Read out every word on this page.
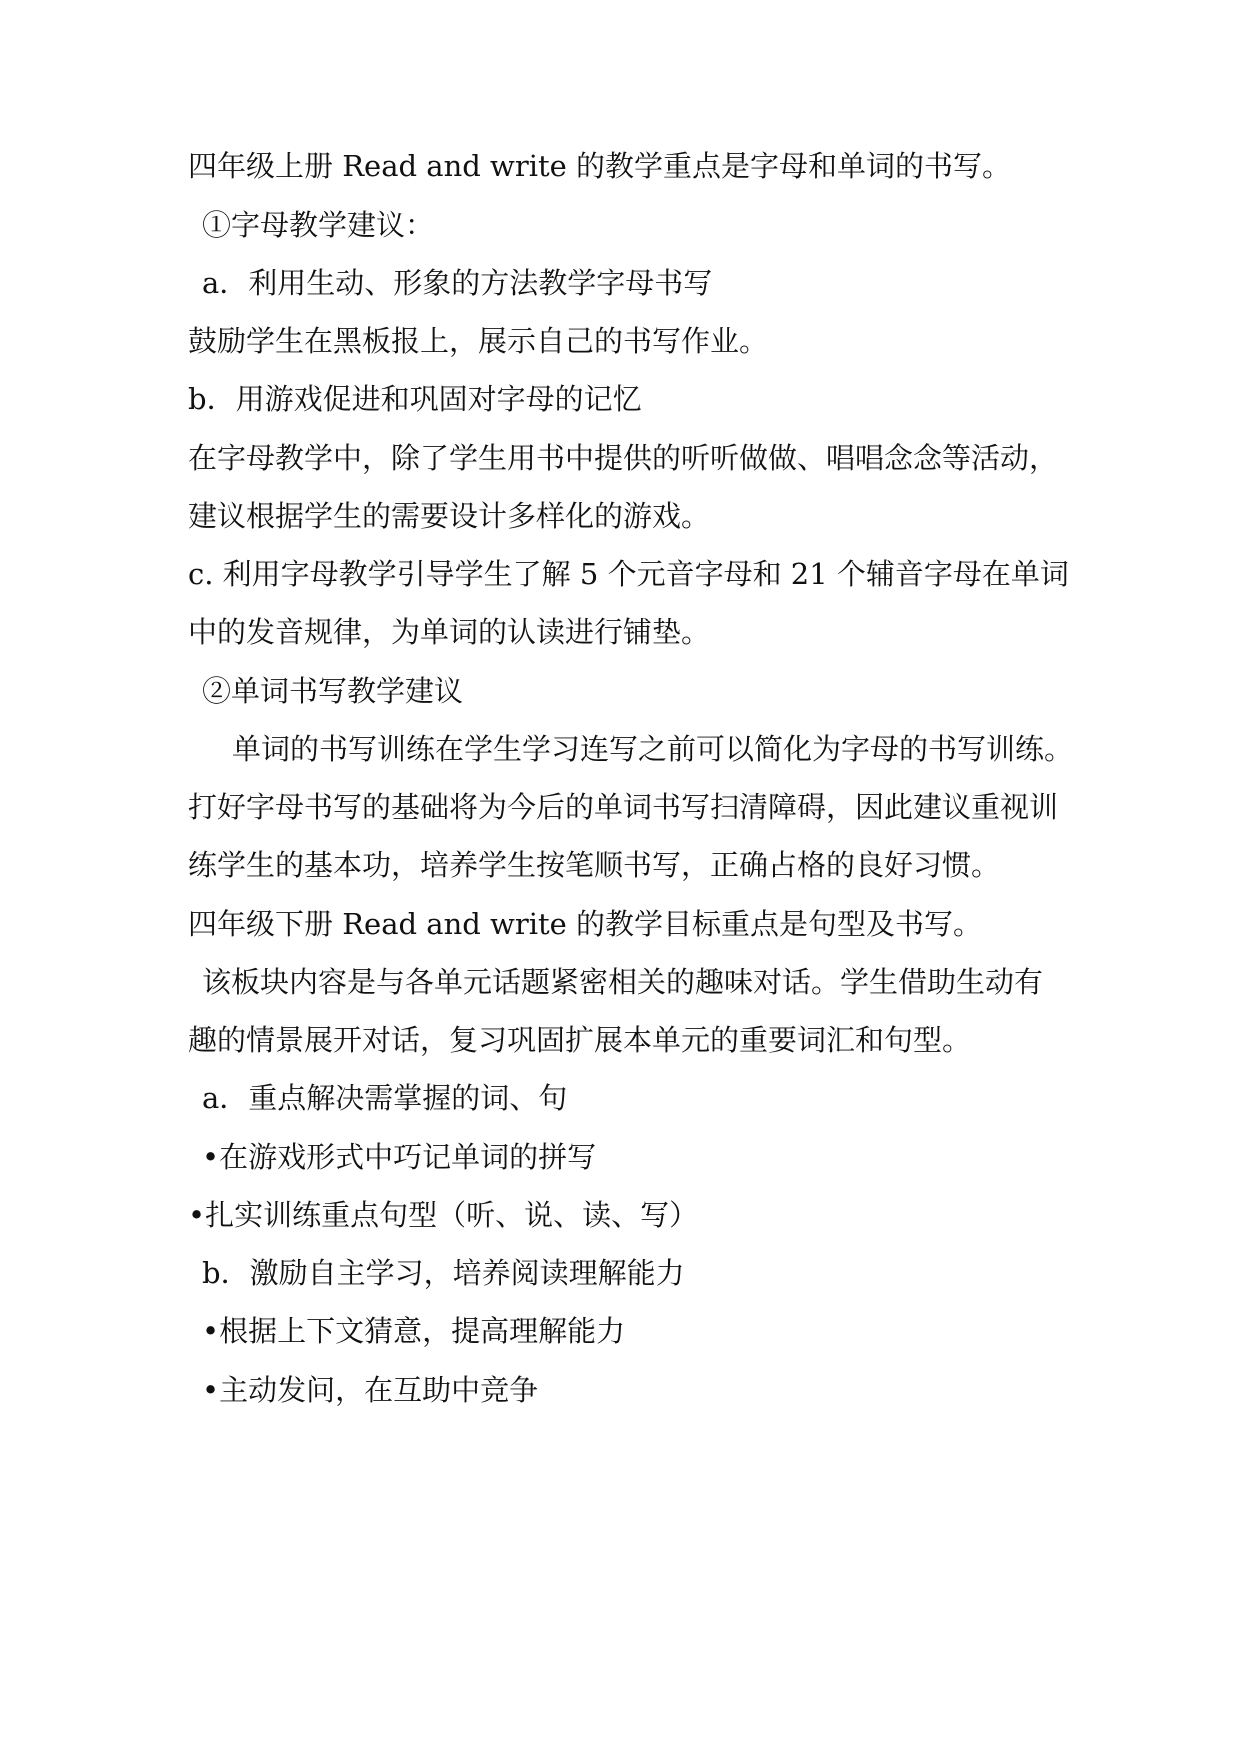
四年级上册 Read and write 的教学重点是字母和单词的书写。
①字母教学建议：
a．利用生动、形象的方法教学字母书写
鼓励学生在黑板报上，展示自己的书写作业。
b．用游戏促进和巩固对字母的记忆
在字母教学中，除了学生用书中提供的听听做做、唱唱念念等活动，
建议根据学生的需要设计多样化的游戏。
c. 利用字母教学引导学生了解 5 个元音字母和 21 个辅音字母在单词
中的发音规律，为单词的认读进行铺垫。
②单词书写教学建议
单词的书写训练在学生学习连写之前可以简化为字母的书写训练。
打好字母书写的基础将为今后的单词书写扫清障碍，因此建议重视训
练学生的基本功，培养学生按笔顺书写，正确占格的良好习惯。
四年级下册 Read and write 的教学目标重点是句型及书写。
该板块内容是与各单元话题紧密相关的趣味对话。学生借助生动有
趣的情景展开对话，复习巩固扩展本单元的重要词汇和句型。
a．重点解决需掌握的词、句
•在游戏形式中巧记单词的拼写
•扎实训练重点句型（听、说、读、写）
b．激励自主学习，培养阅读理解能力
•根据上下文猜意，提高理解能力
•主动发问，在互助中竞争
